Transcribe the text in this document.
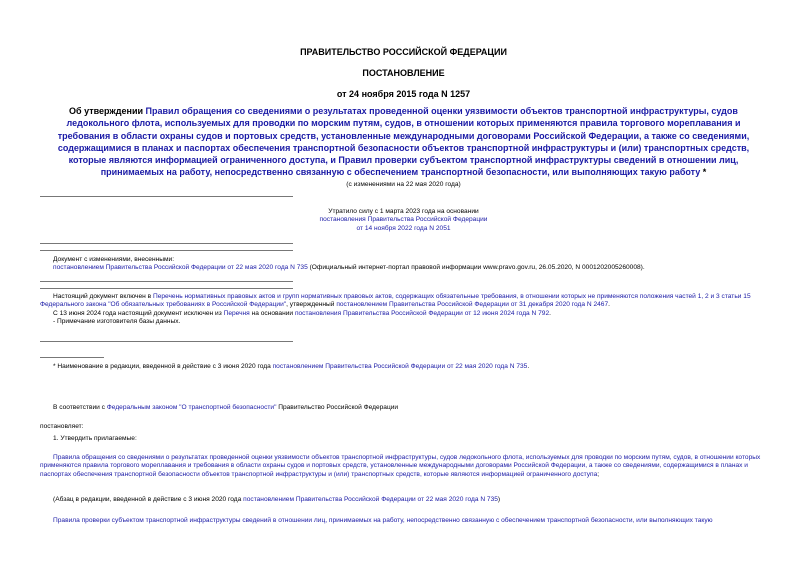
ПРАВИТЕЛЬСТВО РОССИЙСКОЙ ФЕДЕРАЦИИ
ПОСТАНОВЛЕНИЕ
от 24 ноября 2015 года N 1257
Об утверждении Правил обращения со сведениями о результатах проведенной оценки уязвимости объектов транспортной инфраструктуры, судов ледокольного флота, используемых для проводки по морским путям, судов, в отношении которых применяются правила торгового мореплавания и требования в области охраны судов и портовых средств, установленные международными договорами Российской Федерации, а также со сведениями, содержащимися в планах и паспортах обеспечения транспортной безопасности объектов транспортной инфраструктуры и (или) транспортных средств, которые являются информацией ограниченного доступа, и Правил проверки субъектом транспортной инфраструктуры сведений в отношении лиц, принимаемых на работу, непосредственно связанную с обеспечением транспортной безопасности, или выполняющих такую работу *
(с изменениями на 22 мая 2020 года)
Утратило силу с 1 марта 2023 года на основании
постановления Правительства Российской Федерации
от 14 ноября 2022 года N 2051
Документ с изменениями, внесенными:
постановлением Правительства Российской Федерации от 22 мая 2020 года N 735 (Официальный интернет-портал правовой информации www.pravo.gov.ru, 26.05.2020, N 0001202005260008).
Настоящий документ включен в Перечень нормативных правовых актов и групп нормативных правовых актов, содержащих обязательные требования, в отношении которых не применяются положения частей 1, 2 и 3 статьи 15 Федерального закона "Об обязательных требованиях в Российской Федерации", утвержденный постановлением Правительства Российской Федерации от 31 декабря 2020 года N 2467.
С 13 июня 2024 года настоящий документ исключен из Перечня на основании постановления Правительства Российской Федерации от 12 июня 2024 года N 792.
- Примечание изготовителя базы данных.
* Наименование в редакции, введенной в действие с 3 июня 2020 года постановлением Правительства Российской Федерации от 22 мая 2020 года N 735.
В соответствии с Федеральным законом "О транспортной безопасности" Правительство Российской Федерации
постановляет:
1. Утвердить прилагаемые:
Правила обращения со сведениями о результатах проведенной оценки уязвимости объектов транспортной инфраструктуры, судов ледокольного флота, используемых для проводки по морским путям, судов, в отношении которых применяются правила торгового мореплавания и требования в области охраны судов и портовых средств, установленные международными договорами Российской Федерации, а также со сведениями, содержащимися в планах и паспортах обеспечения транспортной безопасности объектов транспортной инфраструктуры и (или) транспортных средств, которые являются информацией ограниченного доступа;
(Абзац в редакции, введенной в действие с 3 июня 2020 года постановлением Правительства Российской Федерации от 22 мая 2020 года N 735)
Правила проверки субъектом транспортной инфраструктуры сведений в отношении лиц, принимаемых на работу, непосредственно связанную с обеспечением транспортной безопасности, или выполняющих такую
